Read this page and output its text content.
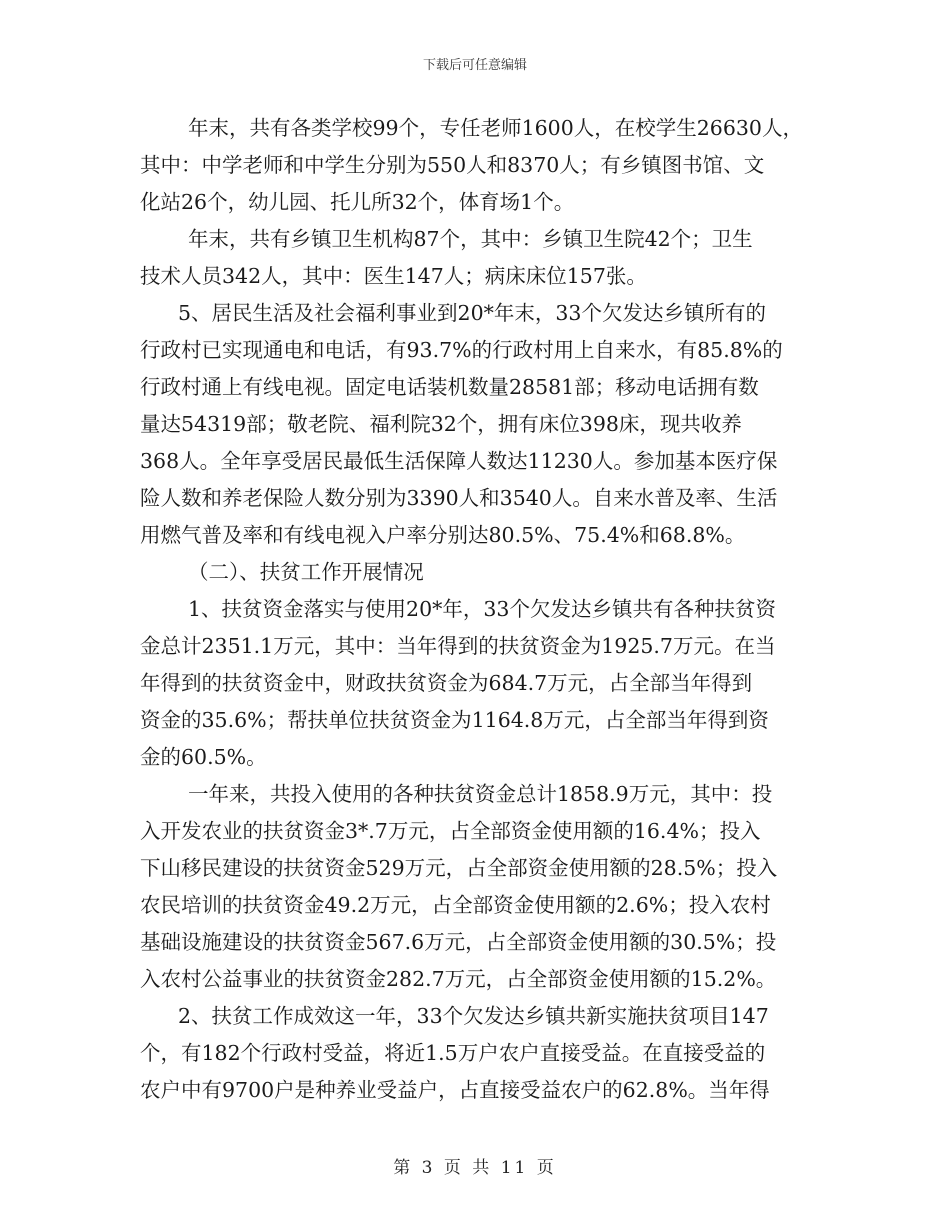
下载后可任意编辑
年末，共有各类学校99个，专任老师1600人，在校学生26630人，
其中：中学老师和中学生分别为550人和8370人；有乡镇图书馆、文
化站26个，幼儿园、托儿所32个，体育场1个。
年末，共有乡镇卫生机构87个，其中：乡镇卫生院42个；卫生
技术人员342人，其中：医生147人；病床床位157张。
5、居民生活及社会福利事业到20*年末，33个欠发达乡镇所有的
行政村已实现通电和电话，有93.7%的行政村用上自来水，有85.8%的
行政村通上有线电视。固定电话装机数量28581部；移动电话拥有数
量达54319部；敬老院、福利院32个，拥有床位398床，现共收养
368人。全年享受居民最低生活保障人数达11230人。参加基本医疗保
险人数和养老保险人数分别为3390人和3540人。自来水普及率、生活
用燃气普及率和有线电视入户率分别达80.5%、75.4%和68.8%。
（二）、扶贫工作开展情况
1、扶贫资金落实与使用20*年，33个欠发达乡镇共有各种扶贫资
金总计2351.1万元，其中：当年得到的扶贫资金为1925.7万元。在当
年得到的扶贫资金中，财政扶贫资金为684.7万元，占全部当年得到
资金的35.6%；帮扶单位扶贫资金为1164.8万元，占全部当年得到资
金的60.5%。
一年来，共投入使用的各种扶贫资金总计1858.9万元，其中：投
入开发农业的扶贫资金3*.7万元，占全部资金使用额的16.4%；投入
下山移民建设的扶贫资金529万元，占全部资金使用额的28.5%；投入
农民培训的扶贫资金49.2万元，占全部资金使用额的2.6%；投入农村
基础设施建设的扶贫资金567.6万元，占全部资金使用额的30.5%；投
入农村公益事业的扶贫资金282.7万元，占全部资金使用额的15.2%。
2、扶贫工作成效这一年，33个欠发达乡镇共新实施扶贫项目147
个，有182个行政村受益，将近1.5万户农户直接受益。在直接受益的
农户中有9700户是种养业受益户，占直接受益农户的62.8%。当年得
第 3 页 共 11 页
